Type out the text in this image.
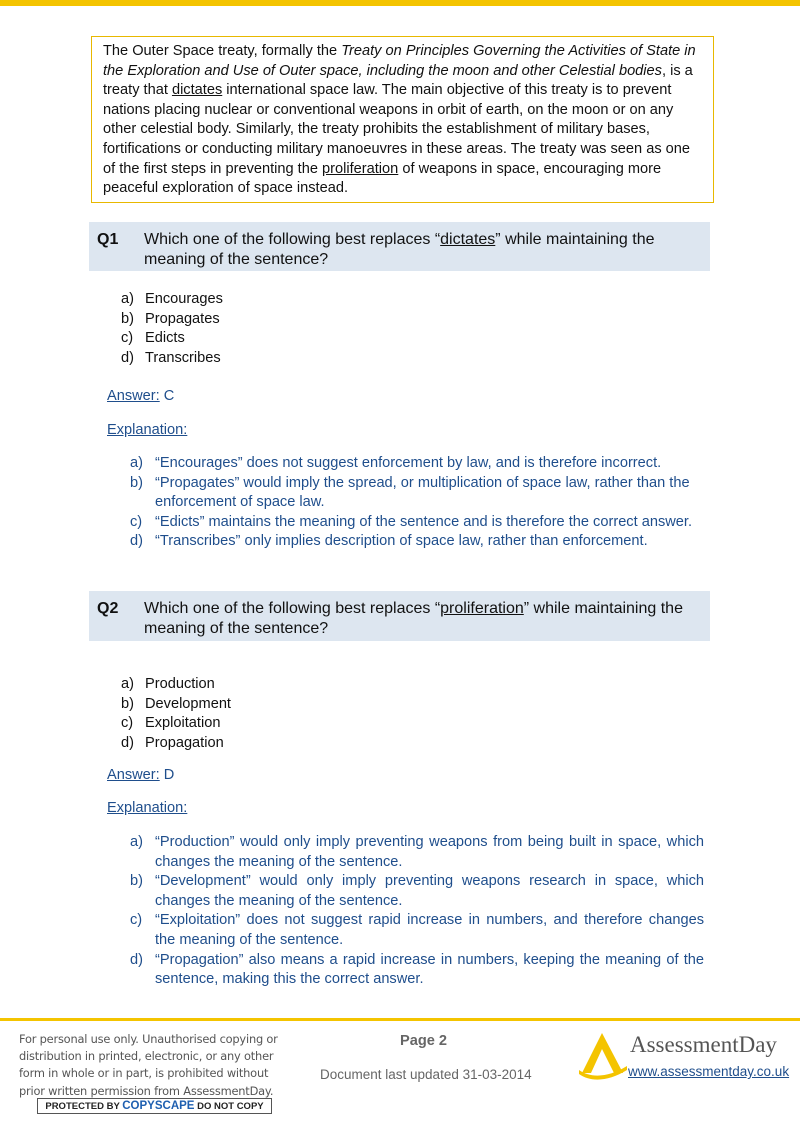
The Outer Space treaty, formally the Treaty on Principles Governing the Activities of State in the Exploration and Use of Outer space, including the moon and other Celestial bodies, is a treaty that dictates international space law. The main objective of this treaty is to prevent nations placing nuclear or conventional weapons in orbit of earth, on the moon or on any other celestial body. Similarly, the treaty prohibits the establishment of military bases, fortifications or conducting military manoeuvres in these areas. The treaty was seen as one of the first steps in preventing the proliferation of weapons in space, encouraging more peaceful exploration of space instead.
Q1 Which one of the following best replaces “dictates” while maintaining the meaning of the sentence?
a) Encourages
b) Propagates
c) Edicts
d) Transcribes
Answer: C
Explanation:
a) “Encourages” does not suggest enforcement by law, and is therefore incorrect.
b) “Propagates” would imply the spread, or multiplication of space law, rather than the enforcement of space law.
c) “Edicts” maintains the meaning of the sentence and is therefore the correct answer.
d) “Transcribes” only implies description of space law, rather than enforcement.
Q2 Which one of the following best replaces “proliferation” while maintaining the meaning of the sentence?
a) Production
b) Development
c) Exploitation
d) Propagation
Answer: D
Explanation:
a) “Production” would only imply preventing weapons from being built in space, which changes the meaning of the sentence.
b) “Development” would only imply preventing weapons research in space, which changes the meaning of the sentence.
c) “Exploitation” does not suggest rapid increase in numbers, and therefore changes the meaning of the sentence.
d) “Propagation” also means a rapid increase in numbers, keeping the meaning of the sentence, making this the correct answer.
For personal use only. Unauthorised copying or distribution in printed, electronic, or any other form in whole or in part, is prohibited without prior written permission from AssessmentDay.
PROTECTED BY COPYSCAPE DO NOT COPY
Page 2
Document last updated 31-03-2014
AssessmentDay
www.assessmentday.co.uk
